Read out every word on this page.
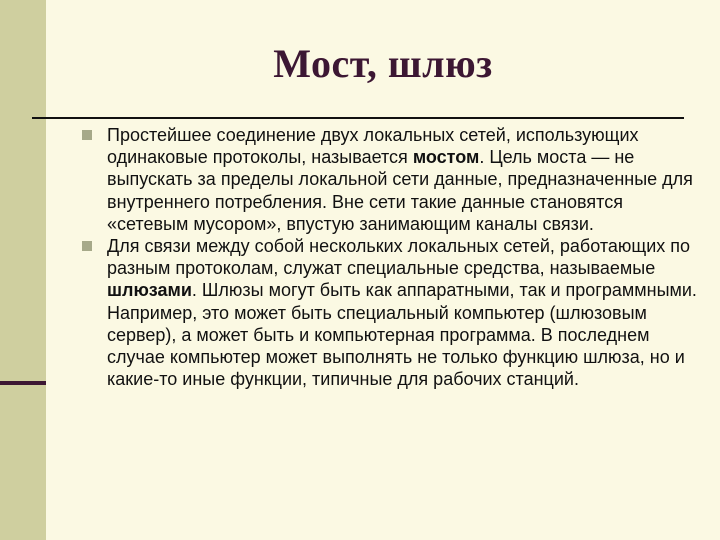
Мост, шлюз
Простейшее соединение двух локальных сетей, использующих одинаковые протоколы, называется мостом. Цель моста — не выпускать за пределы локальной сети данные, предназначенные для внутреннего потребления. Вне сети такие данные становятся «сетевым мусором», впустую занимающим каналы связи.
Для связи между собой нескольких локальных сетей, работающих по разным протоколам, служат специальные средства, называемые шлюзами. Шлюзы могут быть как аппаратными, так и программными. Например, это может быть специальный компьютер (шлюзовым сервер), а может быть и компьютерная программа. В последнем случае компьютер может выполнять не только функцию шлюза, но и какие-то иные функции, типичные для рабочих станций.
